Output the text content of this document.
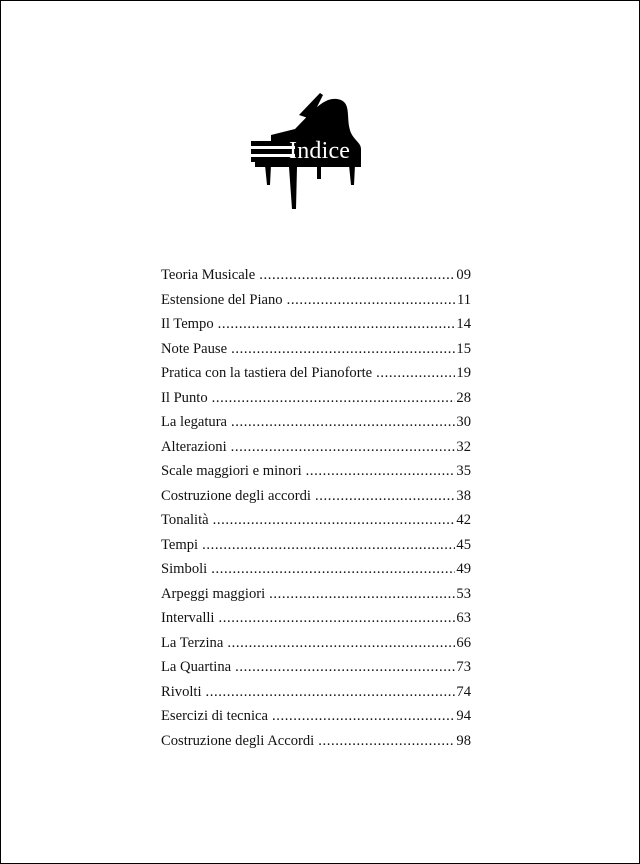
Indice
Teoria Musicale .....	09
Estensione del Piano .....	11
Il Tempo .....	14
Note Pause .....	15
Pratica con la tastiera del Pianoforte .....	19
Il Punto .....	28
La legatura .....	30
Alterazioni .....	32
Scale maggiori e minori .....	35
Costruzione degli accordi .....	38
Tonalità .....	42
Tempi .....	45
Simboli .....	49
Arpeggi maggiori .....	53
Intervalli .....	63
La Terzina .....	66
La Quartina .....	73
Rivolti .....	74
Esercizi di tecnica .....	94
Costruzione degli Accordi .....	98
